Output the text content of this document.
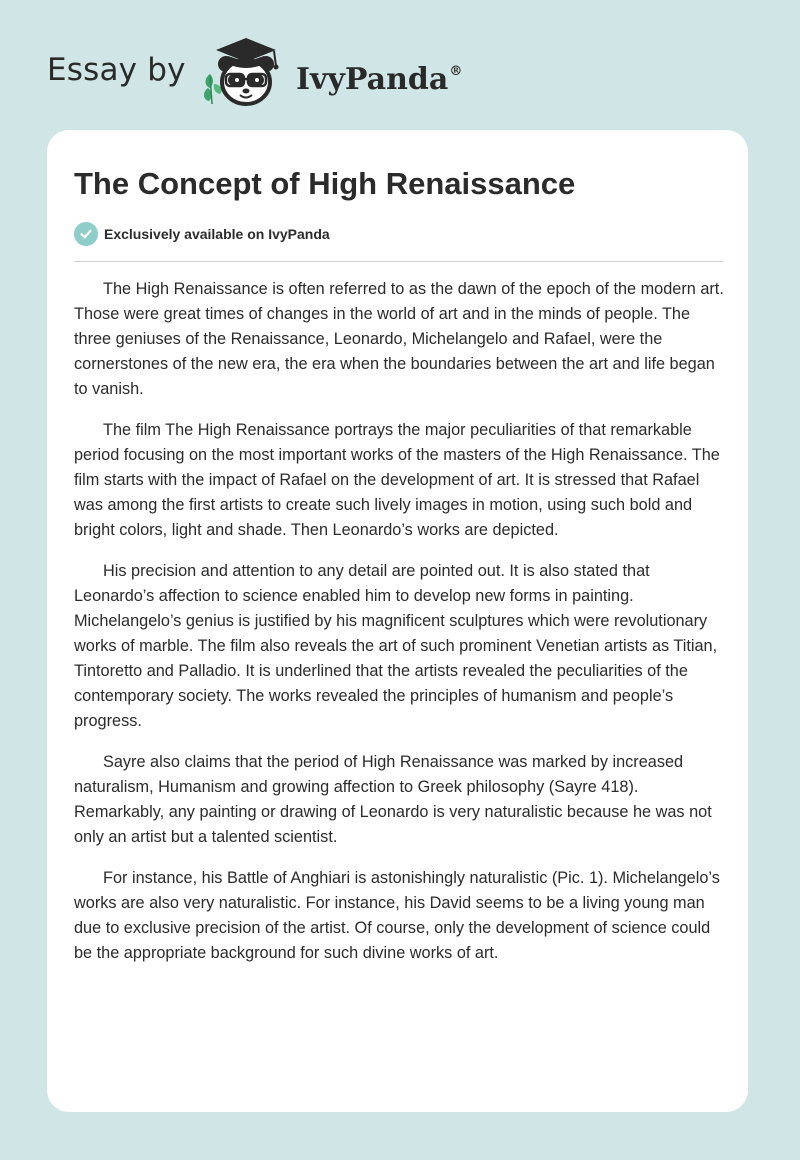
Essay by	IvyPanda®
The Concept of High Renaissance
Exclusively available on IvyPanda

The High Renaissance is often referred to as the dawn of the epoch of the modern art. Those were great times of changes in the world of art and in the minds of people. The three geniuses of the Renaissance, Leonardo, Michelangelo and Rafael, were the cornerstones of the new era, the era when the boundaries between the art and life began to vanish.

The film The High Renaissance portrays the major peculiarities of that remarkable period focusing on the most important works of the masters of the High Renaissance. The film starts with the impact of Rafael on the development of art. It is stressed that Rafael was among the first artists to create such lively images in motion, using such bold and bright colors, light and shade. Then Leonardo’s works are depicted.

His precision and attention to any detail are pointed out. It is also stated that Leonardo’s affection to science enabled him to develop new forms in painting. Michelangelo’s genius is justified by his magnificent sculptures which were revolutionary works of marble. The film also reveals the art of such prominent Venetian artists as Titian, Tintoretto and Palladio. It is underlined that the artists revealed the peculiarities of the contemporary society. The works revealed the principles of humanism and people’s progress.

Sayre also claims that the period of High Renaissance was marked by increased naturalism, Humanism and growing affection to Greek philosophy (Sayre 418). Remarkably, any painting or drawing of Leonardo is very naturalistic because he was not only an artist but a talented scientist.

For instance, his Battle of Anghiari is astonishingly naturalistic (Pic. 1). Michelangelo’s works are also very naturalistic. For instance, his David seems to be a living young man due to exclusive precision of the artist. Of course, only the development of science could be the appropriate background for such divine works of art.
